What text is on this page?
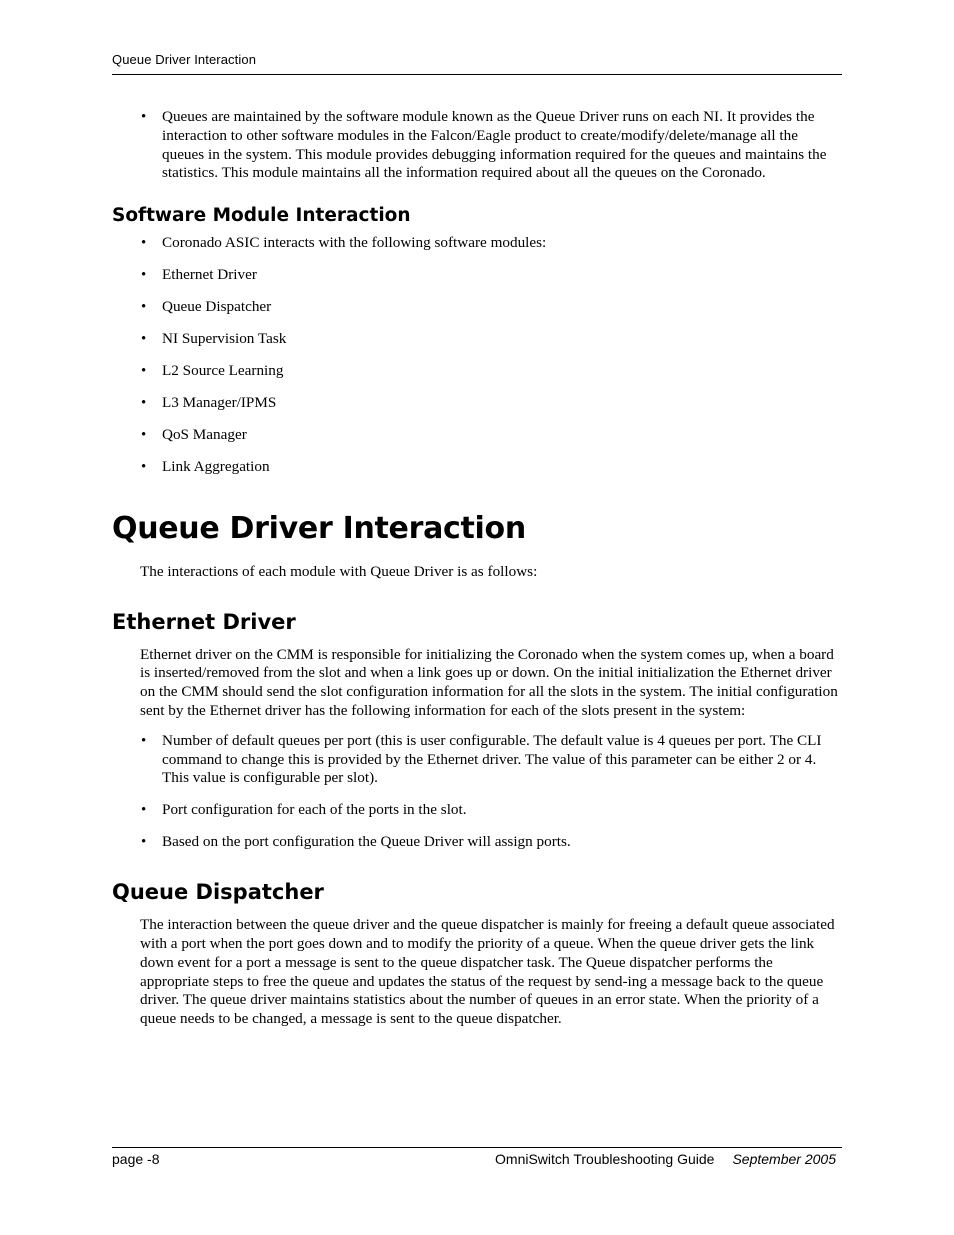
Queue Driver Interaction
• Queues are maintained by the software module known as the Queue Driver runs on each NI. It provides the interaction to other software modules in the Falcon/Eagle product to create/modify/delete/manage all the queues in the system. This module provides debugging information required for the queues and maintains the statistics. This module maintains all the information required about all the queues on the Coronado.
Software Module Interaction
• Coronado ASIC interacts with the following software modules:
• Ethernet Driver
• Queue Dispatcher
• NI Supervision Task
• L2 Source Learning
• L3 Manager/IPMS
• QoS Manager
• Link Aggregation
Queue Driver Interaction

The interactions of each module with Queue Driver is as follows:

Ethernet Driver

Ethernet driver on the CMM is responsible for initializing the Coronado when the system comes up, when a board is inserted/removed from the slot and when a link goes up or down. On the initial initialization the Ethernet driver on the CMM should send the slot configuration information for all the slots in the system. The initial configuration sent by the Ethernet driver has the following information for each of the slots present in the system:

• Number of default queues per port (this is user configurable. The default value is 4 queues per port. The CLI command to change this is provided by the Ethernet driver. The value of this parameter can be either 2 or 4. This value is configurable per slot).
• Port configuration for each of the ports in the slot.
• Based on the port configuration the Queue Driver will assign ports.
Queue Dispatcher

The interaction between the queue driver and the queue dispatcher is mainly for freeing a default queue associated with a port when the port goes down and to modify the priority of a queue. When the queue driver gets the link down event for a port a message is sent to the queue dispatcher task. The Queue dispatcher performs the appropriate steps to free the queue and updates the status of the request by send-ing a message back to the queue driver. The queue driver maintains statistics about the number of queues in an error state. When the priority of a queue needs to be changed, a message is sent to the queue dispatcher.

page -8	OmniSwitch Troubleshooting Guide September 2005
